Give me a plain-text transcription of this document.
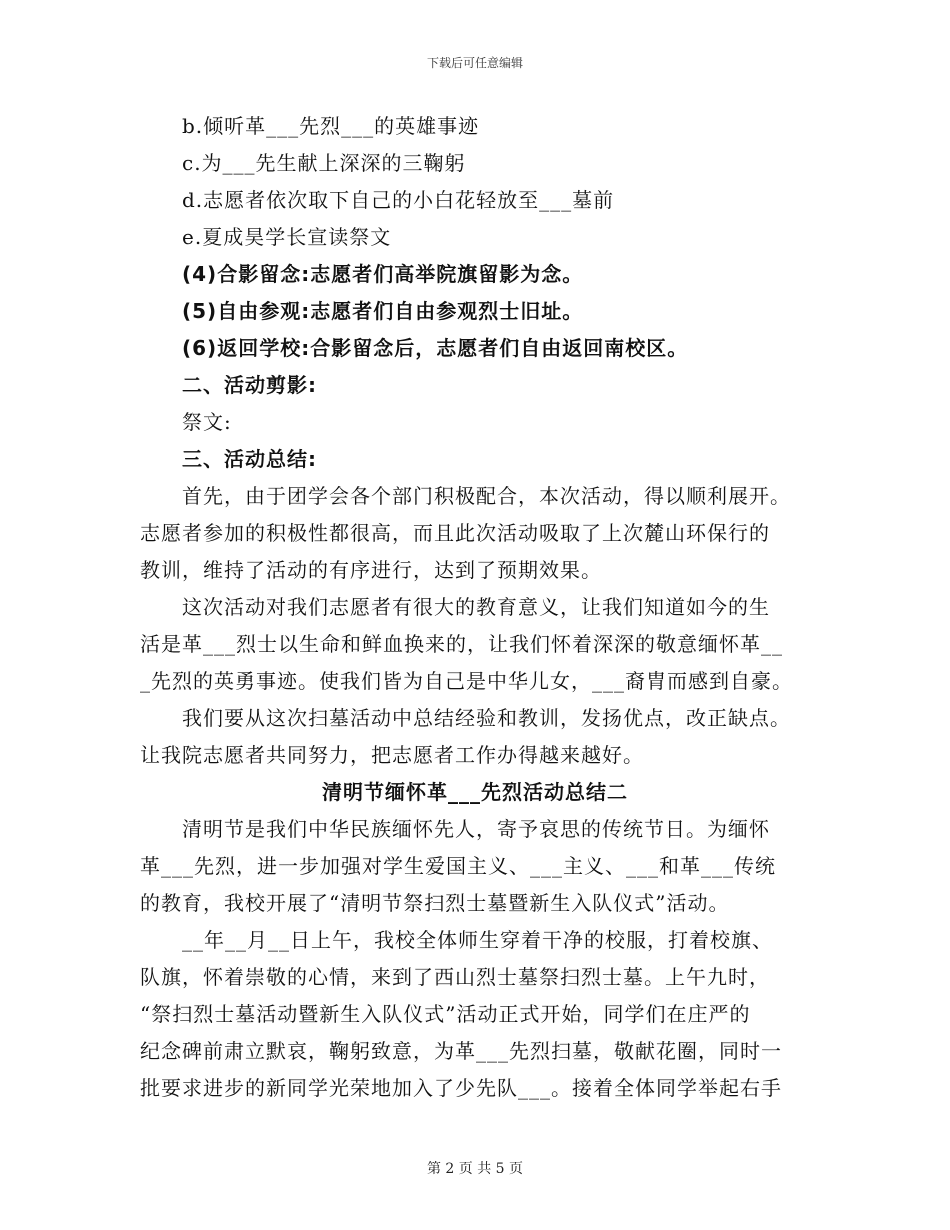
下载后可任意编辑
b.倾听革___先烈___的英雄事迹
c.为___先生献上深深的三鞠躬
d.志愿者依次取下自己的小白花轻放至___墓前
e.夏成昊学长宣读祭文
(4)合影留念:志愿者们高举院旗留影为念。
(5)自由参观:志愿者们自由参观烈士旧址。
(6)返回学校:合影留念后，志愿者们自由返回南校区。
二、活动剪影:
祭文:
三、活动总结:
首先，由于团学会各个部门积极配合，本次活动，得以顺利展开。
志愿者参加的积极性都很高，而且此次活动吸取了上次麓山环保行的
教训，维持了活动的有序进行，达到了预期效果。
这次活动对我们志愿者有很大的教育意义，让我们知道如今的生
活是革___烈士以生命和鲜血换来的，让我们怀着深深的敬意缅怀革__
_先烈的英勇事迹。使我们皆为自己是中华儿女，___裔胄而感到自豪。
我们要从这次扫墓活动中总结经验和教训，发扬优点，改正缺点。
让我院志愿者共同努力，把志愿者工作办得越来越好。
清明节缅怀革___先烈活动总结二
清明节是我们中华民族缅怀先人，寄予哀思的传统节日。为缅怀
革___先烈，进一步加强对学生爱国主义、___主义、___和革___传统
的教育，我校开展了“清明节祭扫烈士墓暨新生入队仪式”活动。
__年__月__日上午，我校全体师生穿着干净的校服，打着校旗、
队旗，怀着崇敬的心情，来到了西山烈士墓祭扫烈士墓。上午九时，
“祭扫烈士墓活动暨新生入队仪式”活动正式开始，同学们在庄严的
纪念碑前肃立默哀，鞠躬致意，为革___先烈扫墓，敬献花圈，同时一
批要求进步的新同学光荣地加入了少先队___。接着全体同学举起右手
第 2 页 共 5 页
